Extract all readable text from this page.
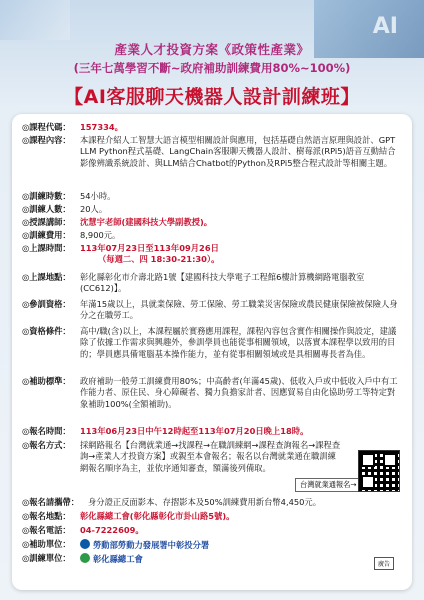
AI
產業人才投資方案《政策性產業》
(三年七萬學習不斷~政府補助訓練費用80%~100%)
【AI客服聊天機器人設計訓練班】
◎課程代碼： 157334。
◎課程內容： 本課程介紹人工智慧大語言模型相關設計與應用，包括基礎自然語言原理與設計、GPT LLM Python程式基礎、LangChain客服聊天機器人設計、樹莓派(RPi5)語音互動結合影像辨識系統設計、與LLM結合Chatbot的Python及RPi5整合程式設計等相關主題。
◎訓練時數： 54小時。
◎訓練人數： 20人。
◎授課講師： 沈慧宇老師(建國科技大學副教授)。
◎訓練費用： 8,900元。
◎上課時間： 113年07月23日至113年09月26日
（每週二、四 18:30-21:30）。
◎上課地點： 彰化縣彰化市介壽北路1號【建國科技大學電子工程館6樓計算機網路電腦教室(CC612)】。
◎參訓資格： 年滿15歲以上，具就業保險、勞工保險、勞工職業災害保險或農民健康保險被保險人身分之在職勞工。
◎資格條件： 高中/職(含)以上，本課程屬於實務應用課程，課程內容包含實作相關操作與設定，建議除了依據工作需求與興趣外，參訓學員也能從事相關領域，以落實本課程學以致用的目的；學員應具備電腦基本操作能力，並有從事相關領域或是具相關專長者為佳。
◎補助標準： 政府補助一般勞工訓練費用80%；中高齡者(年滿45歲)、低收入戶或中低收入戶中有工作能力者、原住民、身心障礙者、獨力負擔家計者、因應貿易自由化協助勞工等特定對象補助100%(全額補助)。
◎報名時間： 113年06月23日中午12時起至113年07月20日晚上18時。
◎報名方式： 採網路報名【台灣就業通→找課程→在職訓練網→課程查詢報名→課程查詢→產業人才投資方案】或親至本會報名；報名以台灣就業通在職訓練網報名順序為主，並依序通知審查，額滿後列備取。
台灣就業通報名→
◎報名請攜帶： 身分證正反面影本、存摺影本及50%訓練費用新台幣4,450元。
◎報名地點： 彰化縣總工會(彰化縣彰化市卦山路5號)。
◎報名電話： 04-7222609。
◎補助單位：	勞動部勞動力發展署中彰投分署
◎訓練單位：	彰化縣總工會
廣告
